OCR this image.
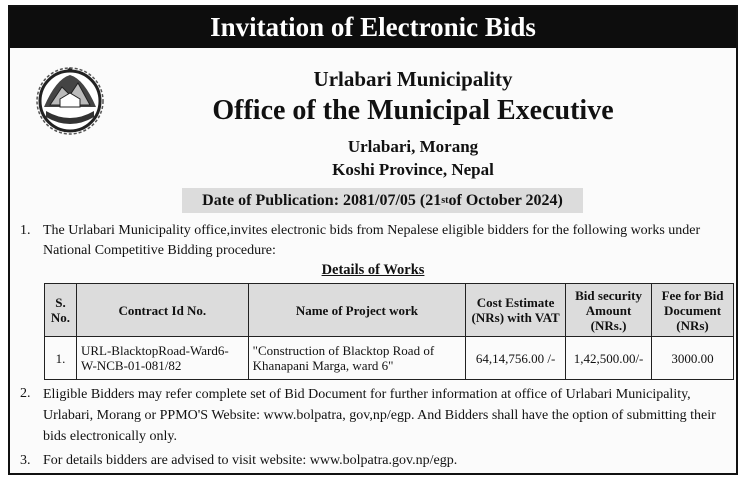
Invitation of Electronic Bids
Urlabari Municipality
Office of the Municipal Executive
Urlabari, Morang
Koshi Province, Nepal
Date of Publication: 2081/07/05 (21 st of October 2024)
1. The Urlabari Municipality office,invites electronic bids from Nepalese eligible bidders for the following works under National Competitive Bidding procedure:
Details of Works
S. No.	Contract Id No.	Name of Project work	Cost Estimate (NRs) with VAT	Bid security Amount (NRs.)	Fee for Bid Document (NRs)
1.	URL-BlacktopRoad-Ward6-W-NCB-01-081/82	"Construction of Blacktop Road of Khanapani Marga, ward 6"	64,14,756.00 /-	1,42,500.00/-	3000.00
2. Eligible Bidders may refer complete set of Bid Document for further information at office of Urlabari Municipality, Urlabari, Morang or PPMO'S Website: www.bolpatra, gov,np/egp. And Bidders shall have the option of submitting their bids electronically only.
3. For details bidders are advised to visit website: www.bolpatra.gov.np/egp.
